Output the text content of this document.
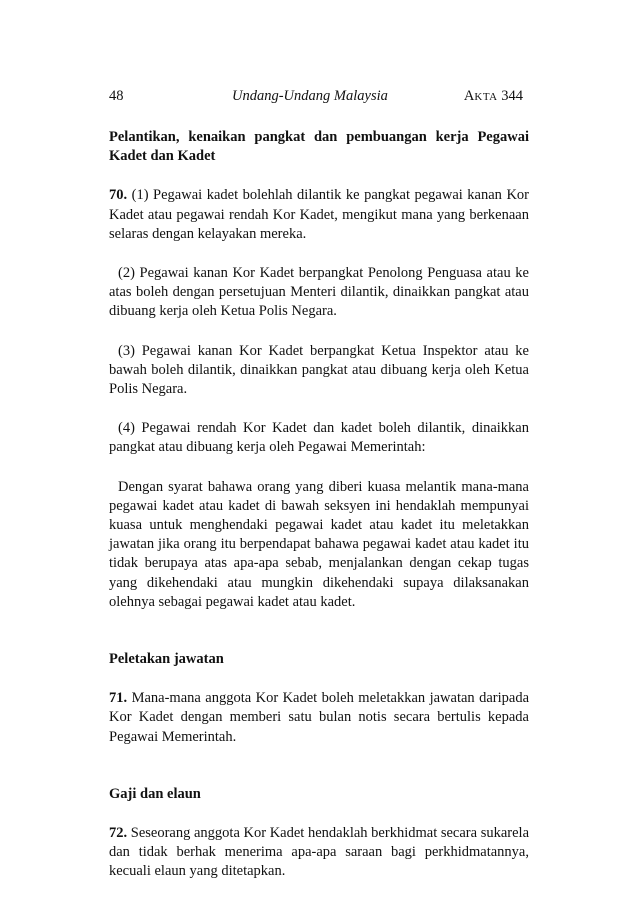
48	Undang-Undang Malaysia	AKTA 344

Pelantikan, kenaikan pangkat dan pembuangan kerja Pegawai Kadet dan Kadet

70. (1) Pegawai kadet bolehlah dilantik ke pangkat pegawai kanan Kor Kadet atau pegawai rendah Kor Kadet, mengikut mana yang berkenaan selaras dengan kelayakan mereka.

(2) Pegawai kanan Kor Kadet berpangkat Penolong Penguasa atau ke atas boleh dengan persetujuan Menteri dilantik, dinaikkan pangkat atau dibuang kerja oleh Ketua Polis Negara.

(3) Pegawai kanan Kor Kadet berpangkat Ketua Inspektor atau ke bawah boleh dilantik, dinaikkan pangkat atau dibuang kerja oleh Ketua Polis Negara.

(4) Pegawai rendah Kor Kadet dan kadet boleh dilantik, dinaikkan pangkat atau dibuang kerja oleh Pegawai Memerintah:

Dengan syarat bahawa orang yang diberi kuasa melantik mana-mana pegawai kadet atau kadet di bawah seksyen ini hendaklah mempunyai kuasa untuk menghendaki pegawai kadet atau kadet itu meletakkan jawatan jika orang itu berpendapat bahawa pegawai kadet atau kadet itu tidak berupaya atas apa-apa sebab, menjalankan dengan cekap tugas yang dikehendaki atau mungkin dikehendaki supaya dilaksanakan olehnya sebagai pegawai kadet atau kadet.

Peletakan jawatan

71. Mana-mana anggota Kor Kadet boleh meletakkan jawatan daripada Kor Kadet dengan memberi satu bulan notis secara bertulis kepada Pegawai Memerintah.

Gaji dan elaun

72. Seseorang anggota Kor Kadet hendaklah berkhidmat secara sukarela dan tidak berhak menerima apa-apa saraan bagi perkhidmatannya, kecuali elaun yang ditetapkan.
